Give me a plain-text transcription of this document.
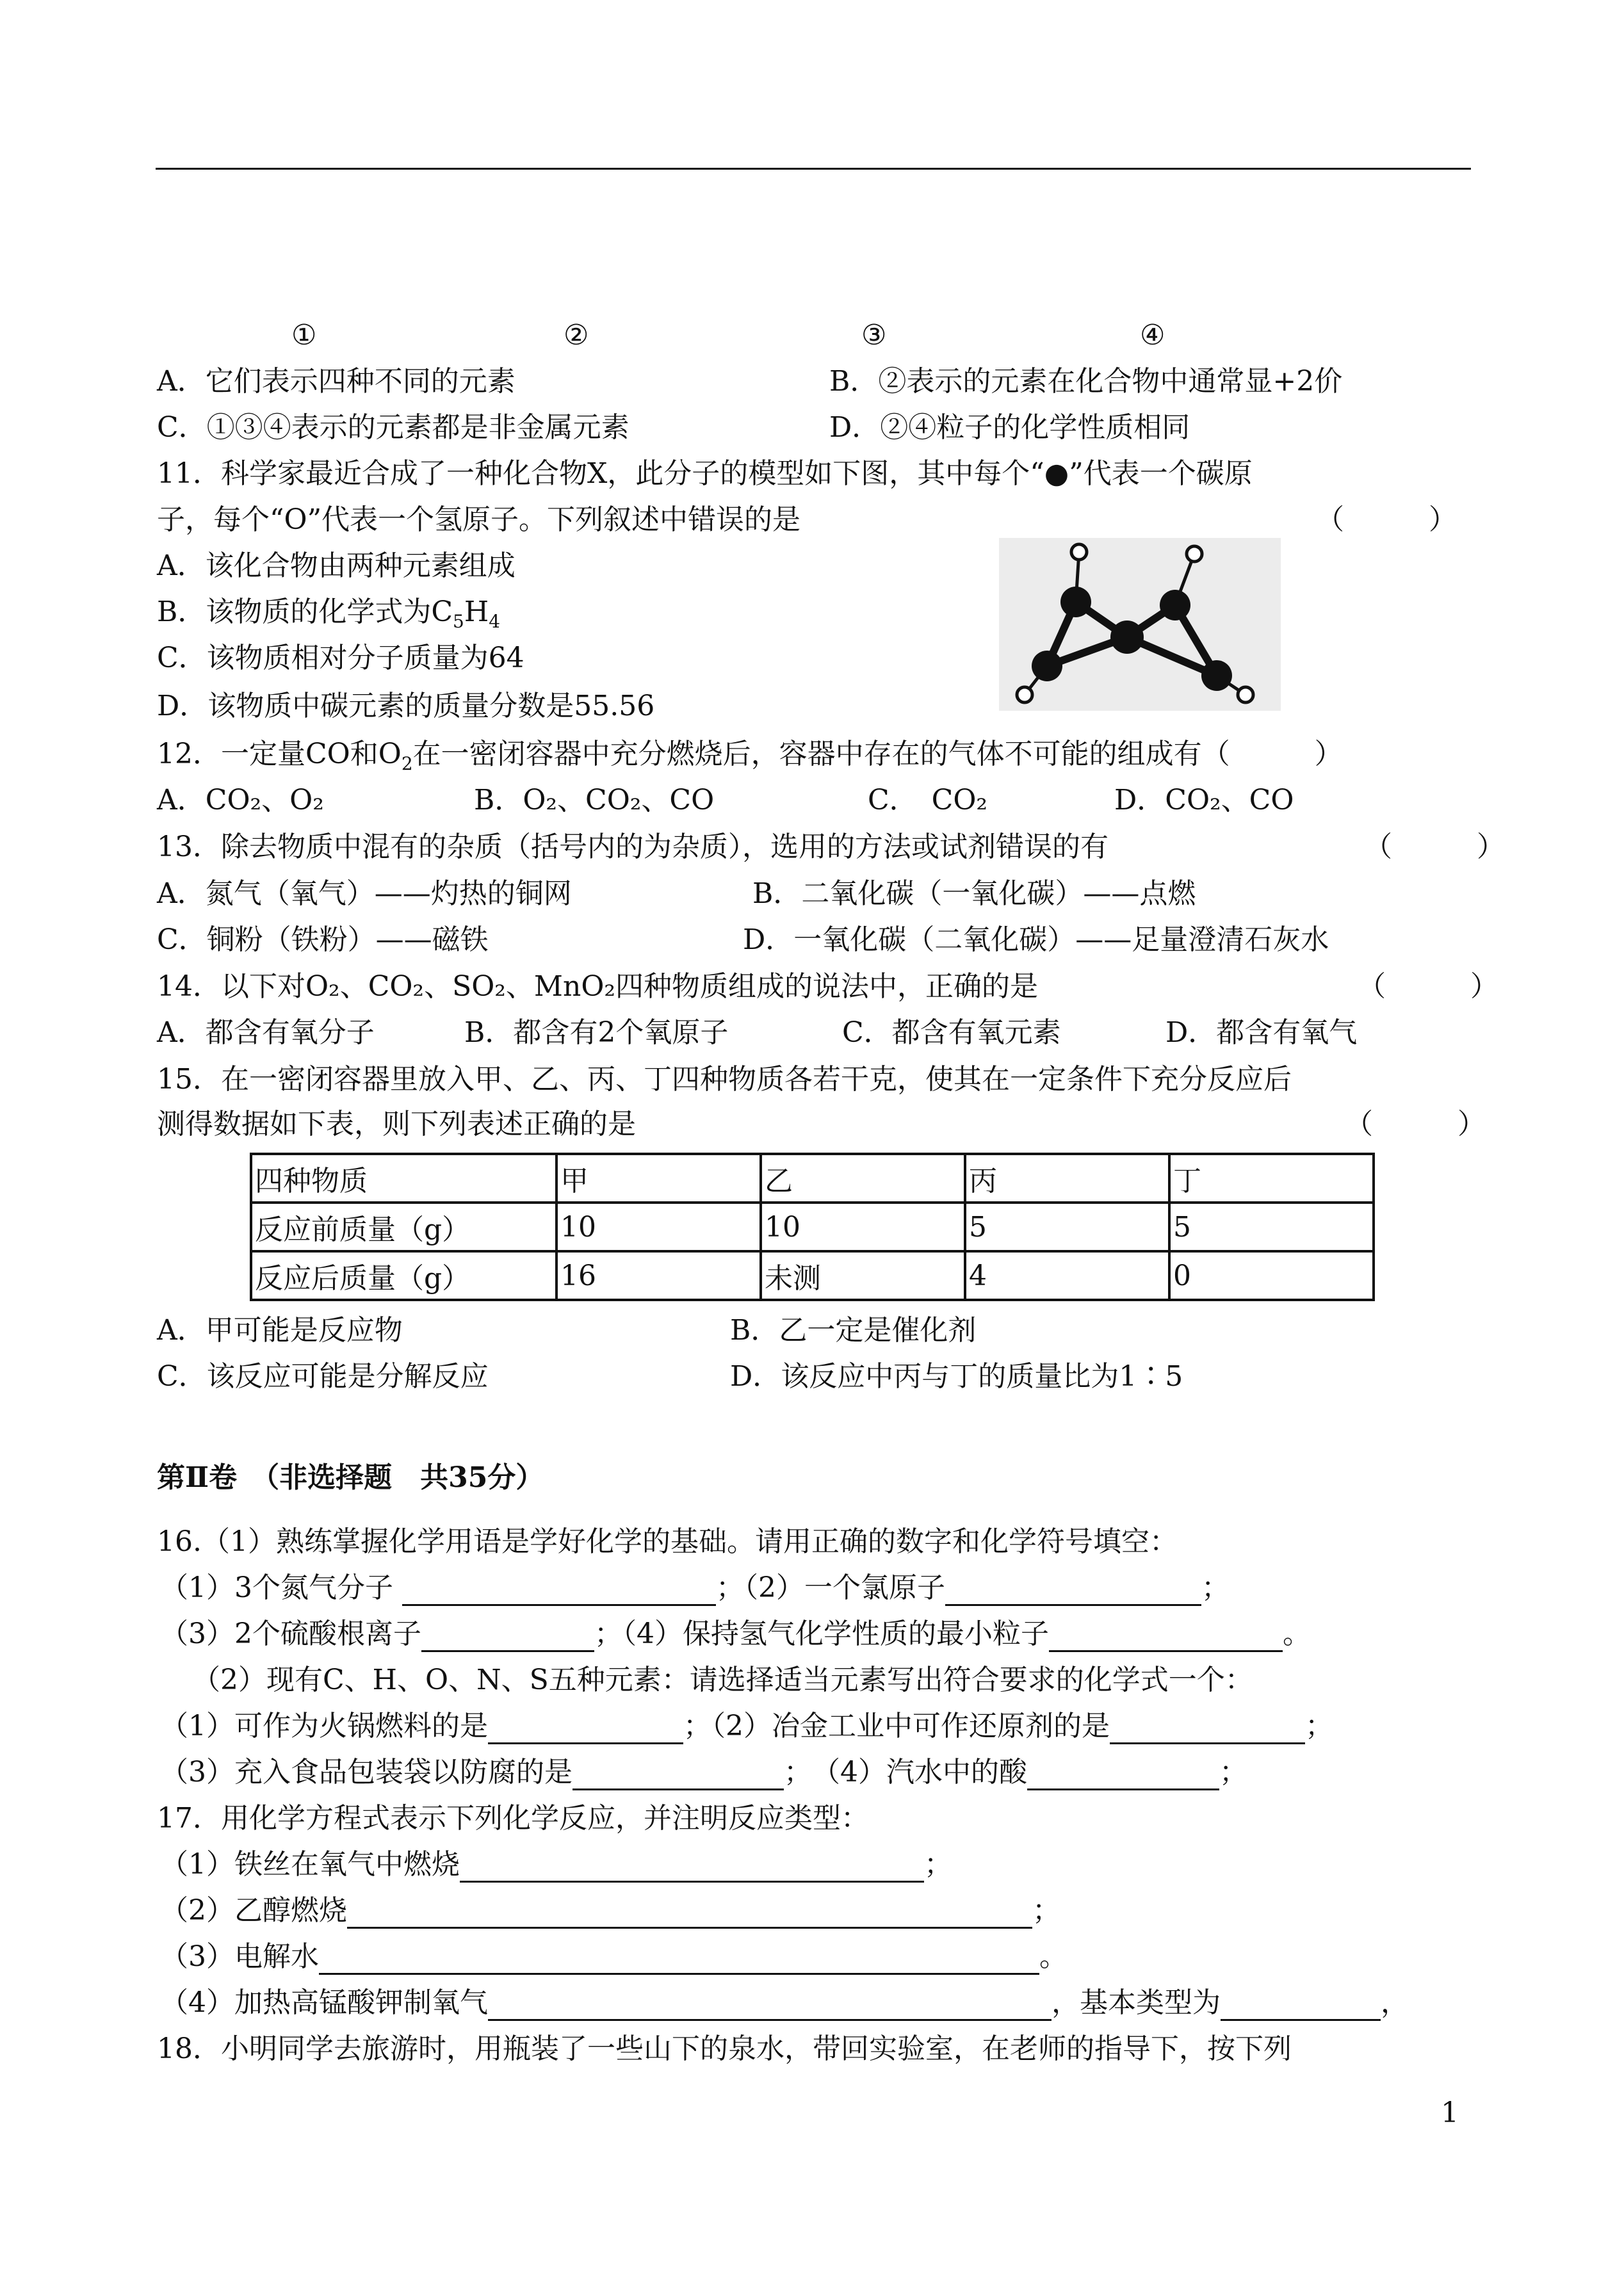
①	②	③	④
A．它们表示四种不同的元素	B．②表示的元素在化合物中通常显+2价
C．①③④表示的元素都是非金属元素	D．②④粒子的化学性质相同
11．科学家最近合成了一种化合物X，此分子的模型如下图，其中每个“●”代表一个碳原
子，每个“O”代表一个氢原子。下列叙述中错误的是	（　　　）
A．该化合物由两种元素组成
B．该物质的化学式为$C_5H_4$
C．该物质相对分子质量为64
D．该物质中碳元素的质量分数是55.56
12．一定量CO和$O_2$在一密闭容器中充分燃烧后，容器中存在的气体不可能的组成有（　　　）
A．CO₂、O₂	B．O₂、CO₂、CO	C．　CO₂	D．CO₂、CO
13．除去物质中混有的杂质（括号内的为杂质），选用的方法或试剂错误的有	（　　　）
A．氮气（氧气）——灼热的铜网	B．二氧化碳（一氧化碳）——点燃
C．铜粉（铁粉）——磁铁	D．一氧化碳（二氧化碳）——足量澄清石灰水
14．以下对O₂、CO₂、SO₂、MnO₂四种物质组成的说法中，正确的是	（　　　）
A．都含有氧分子	B．都含有2个氧原子	C．都含有氧元素	D．都含有氧气
15．在一密闭容器里放入甲、乙、丙、丁四种物质各若干克，使其在一定条件下充分反应后
测得数据如下表，则下列表述正确的是	（　　　）
四种物质	甲	乙	丙	丁
反应前质量（g）	10	10	5	5
反应后质量（g）	16	未测	4	0
A．甲可能是反应物	B．乙一定是催化剂
C．该反应可能是分解反应	D．该反应中丙与丁的质量比为1∶5
第Ⅱ卷　（非选择题　共35分）
16.（1）熟练掌握化学用语是学好化学的基础。请用正确的数字和化学符号填空：
（1）3个氮气分子	；（2）一个氯原子	；
（3）2个硫酸根离子	；（4）保持氢气化学性质的最小粒子	。
（2）现有C、H、O、N、S五种元素：请选择适当元素写出符合要求的化学式一个：
（1）可作为火锅燃料的是	；（2）冶金工业中可作还原剂的是	；
（3）充入食品包装袋以防腐的是	；　 （4）汽水中的酸	；
17．用化学方程式表示下列化学反应，并注明反应类型：
（1）铁丝在氧气中燃烧	；
（2）乙醇燃烧	；
（3）电解水	。
（4）加热高锰酸钾制氧气	，基本类型为	，
18．小明同学去旅游时，用瓶装了一些山下的泉水，带回实验室，在老师的指导下，按下列
1
